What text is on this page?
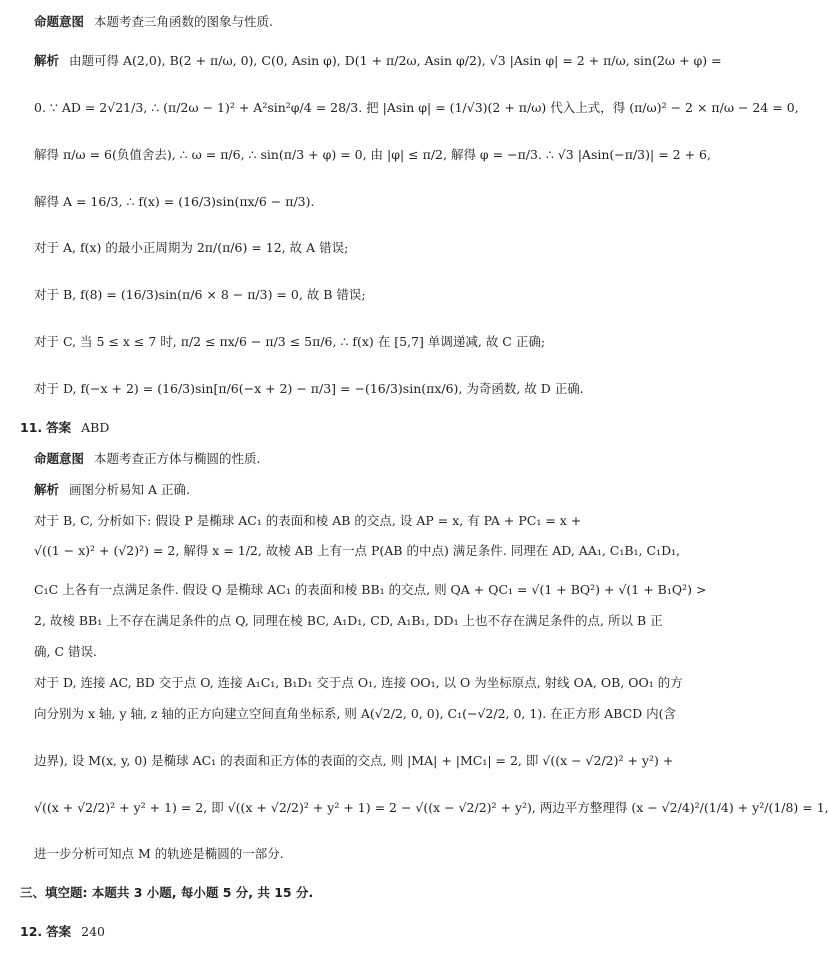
命题意图 本题考查三角函数的图象与性质.

解析 由题可得 A(2,0), B(2 + π/ω, 0), C(0, Asin φ), D(1 + π/2ω, Asin φ/2), √3 |Asin φ| = 2 + π/ω, sin(2ω + φ) =

0. ∵ AD = 2√21/3, ∴ (π/2ω − 1)² + A²sin²φ/4 = 28/3. 把 |Asin φ| = (1/√3)(2 + π/ω) 代入上式，得 (π/ω)² − 2 × π/ω − 24 = 0,

解得 π/ω = 6(负值舍去), ∴ ω = π/6, ∴ sin(π/3 + φ) = 0, 由 |φ| ≤ π/2, 解得 φ = −π/3. ∴ √3 |Asin(−π/3)| = 2 + 6,

解得 A = 16/3, ∴ f(x) = (16/3)sin(πx/6 − π/3).

对于 A, f(x) 的最小正周期为 2π/(π/6) = 12, 故 A 错误;

对于 B, f(8) = (16/3)sin(π/6 × 8 − π/3) = 0, 故 B 错误;

对于 C, 当 5 ≤ x ≤ 7 时, π/2 ≤ πx/6 − π/3 ≤ 5π/6, ∴ f(x) 在 [5,7] 单调递减, 故 C 正确;

对于 D, f(−x + 2) = (16/3)sin[π/6(−x + 2) − π/3] = −(16/3)sin(πx/6), 为奇函数, 故 D 正确.

11. 答案 ABD

命题意图 本题考查正方体与椭圆的性质.

解析 画图分析易知 A 正确.

对于 B, C, 分析如下: 假设 P 是椭球 AC₁ 的表面和棱 AB 的交点, 设 AP = x, 有 PA + PC₁ = x +

√((1 − x)² + (√2)²) = 2, 解得 x = 1/2, 故棱 AB 上有一点 P(AB 的中点) 满足条件. 同理在 AD, AA₁, C₁B₁, C₁D₁,

C₁C 上各有一点满足条件. 假设 Q 是椭球 AC₁ 的表面和棱 BB₁ 的交点, 则 QA + QC₁ = √(1 + BQ²) + √(1 + B₁Q²) >

2, 故棱 BB₁ 上不存在满足条件的点 Q, 同理在棱 BC, A₁D₁, CD, A₁B₁, DD₁ 上也不存在满足条件的点, 所以 B 正

确, C 错误.

对于 D, 连接 AC, BD 交于点 O, 连接 A₁C₁, B₁D₁ 交于点 O₁, 连接 OO₁, 以 O 为坐标原点, 射线 OA, OB, OO₁ 的方

向分别为 x 轴, y 轴, z 轴的正方向建立空间直角坐标系, 则 A(√2/2, 0, 0), C₁(−√2/2, 0, 1). 在正方形 ABCD 内(含

边界), 设 M(x, y, 0) 是椭球 AC₁ 的表面和正方体的表面的交点, 则 |MA| + |MC₁| = 2, 即 √((x − √2/2)² + y²) +

√((x + √2/2)² + y² + 1) = 2, 即 √((x + √2/2)² + y² + 1) = 2 − √((x − √2/2)² + y²), 两边平方整理得 (x − √2/4)²/(1/4) + y²/(1/8) = 1,

进一步分析可知点 M 的轨迹是椭圆的一部分.

三、填空题: 本题共 3 小题, 每小题 5 分, 共 15 分.

12. 答案 240
